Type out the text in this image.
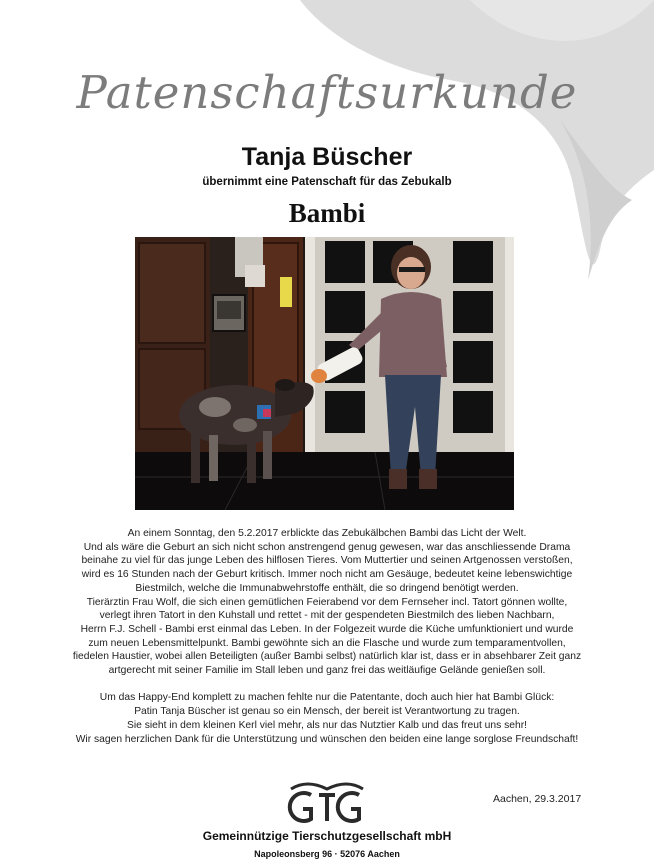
Patenschaftsurkunde
Tanja Büscher
übernimmt eine Patenschaft für das Zebukalb
Bambi

An einem Sonntag, den 5.2.2017 erblickte das Zebukälbchen Bambi das Licht der Welt.

Und als wäre die Geburt an sich nicht schon anstrengend genug gewesen, war das anschliessende Drama

beinahe zu viel für das junge Leben des hilflosen Tieres. Vom Muttertier und seinen Artgenossen verstoßen,

wird es 16 Stunden nach der Geburt kritisch. Immer noch nicht am Gesäuge, bedeutet keine lebenswichtige

Biestmilch, welche die Immunabwehrstoffe enthält, die so dringend benötigt werden.

Tierärztin Frau Wolf, die sich einen gemütlichen Feierabend vor dem Fernseher incl. Tatort gönnen wollte,

verlegt ihren Tatort in den Kuhstall und rettet - mit der gespendeten Biestmilch des lieben Nachbarn,

Herrn F.J. Schell - Bambi erst einmal das Leben. In der Folgezeit wurde die Küche umfunktioniert und wurde

zum neuen Lebensmittelpunkt. Bambi gewöhnte sich an die Flasche und wurde zum temparamentvollen,

fiedelen Haustier, wobei allen Beteiligten (außer Bambi selbst) natürlich klar ist, dass er in absehbarer Zeit ganz

artgerecht mit seiner Familie im Stall leben und ganz frei das weitläufige Gelände genießen soll.

Um das Happy-End komplett zu machen fehlte nur die Patentante, doch auch hier hat Bambi Glück:

Patin Tanja Büscher ist genau so ein Mensch, der bereit ist Verantwortung zu tragen.

Sie sieht in dem kleinen Kerl viel mehr, als nur das Nutztier Kalb und das freut uns sehr!

Wir sagen herzlichen Dank für die Unterstützung und wünschen den beiden eine lange sorglose Freundschaft!

Aachen, 29.3.2017
Gemeinnützige Tierschutzgesellschaft mbH
Napoleonsberg 96 · 52076 Aachen
